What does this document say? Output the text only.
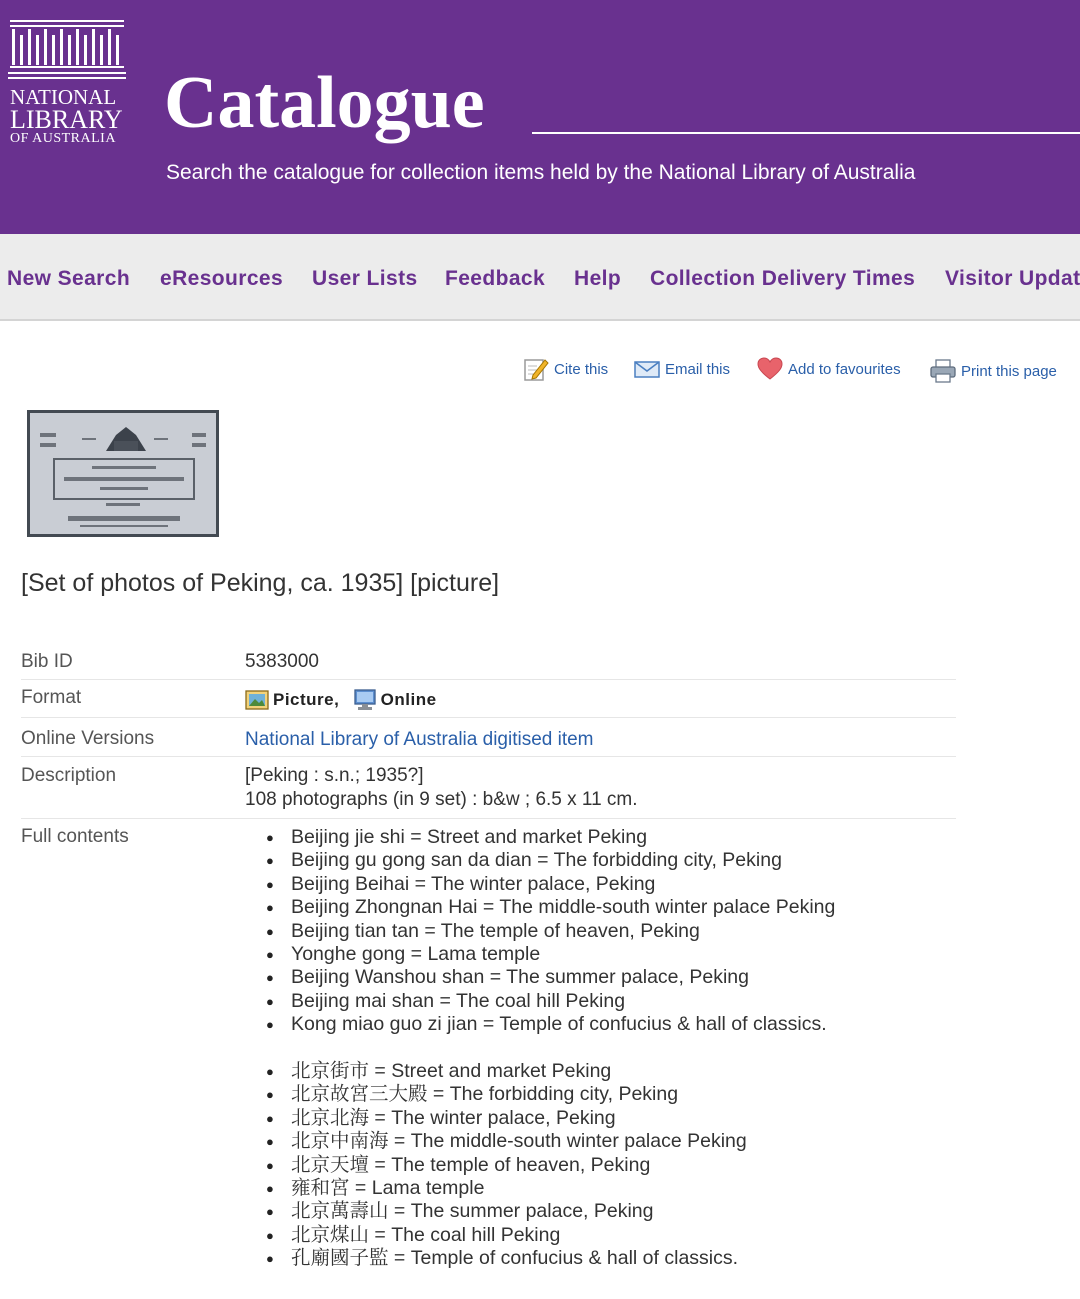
NATIONAL
LIBRARY
OF AUSTRALIA Catalogue
Search the catalogue for collection items held by the National Library of Australia
New Search eResources User Lists Feedback Help Collection Delivery Times Visitor Updat
Cite this	Email this	Add to favourites	Print this page
[Set of photos of Peking, ca. 1935] [picture]
Bib ID	5383000
Format	Picture ,
Online
Online Versions	National Library of Australia digitised item
Description	[Peking : s.n.; 1935?]
108 photographs (in 9 set) : b&w ; 6.5 x 11 cm.
Full contents
●	Beijing jie shi = Street and market Peking
● Beijing gu gong san da dian = The forbidding city, Peking
● Beijing Beihai = The winter palace, Peking
● Beijing Zhongnan Hai = The middle-south winter palace Peking
● Beijing tian tan = The temple of heaven, Peking
● Yonghe gong = Lama temple
● Beijing Wanshou shan = The summer palace, Peking
● Beijing mai shan = The coal hill Peking
● Kong miao guo zi jian = Temple of confucius & hall of classics.
● 北京街市 = Street and market Peking
● 北京故宮三大殿 = The forbidding city, Peking
● 北京北海 = The winter palace, Peking
● 北京中南海 = The middle-south winter palace Peking
● 北京天壇 = The temple of heaven, Peking
● 雍和宮 = Lama temple
● 北京萬壽山 = The summer palace, Peking
● 北京煤山 = The coal hill Peking
● 孔廟國子監 = Temple of confucius & hall of classics.
